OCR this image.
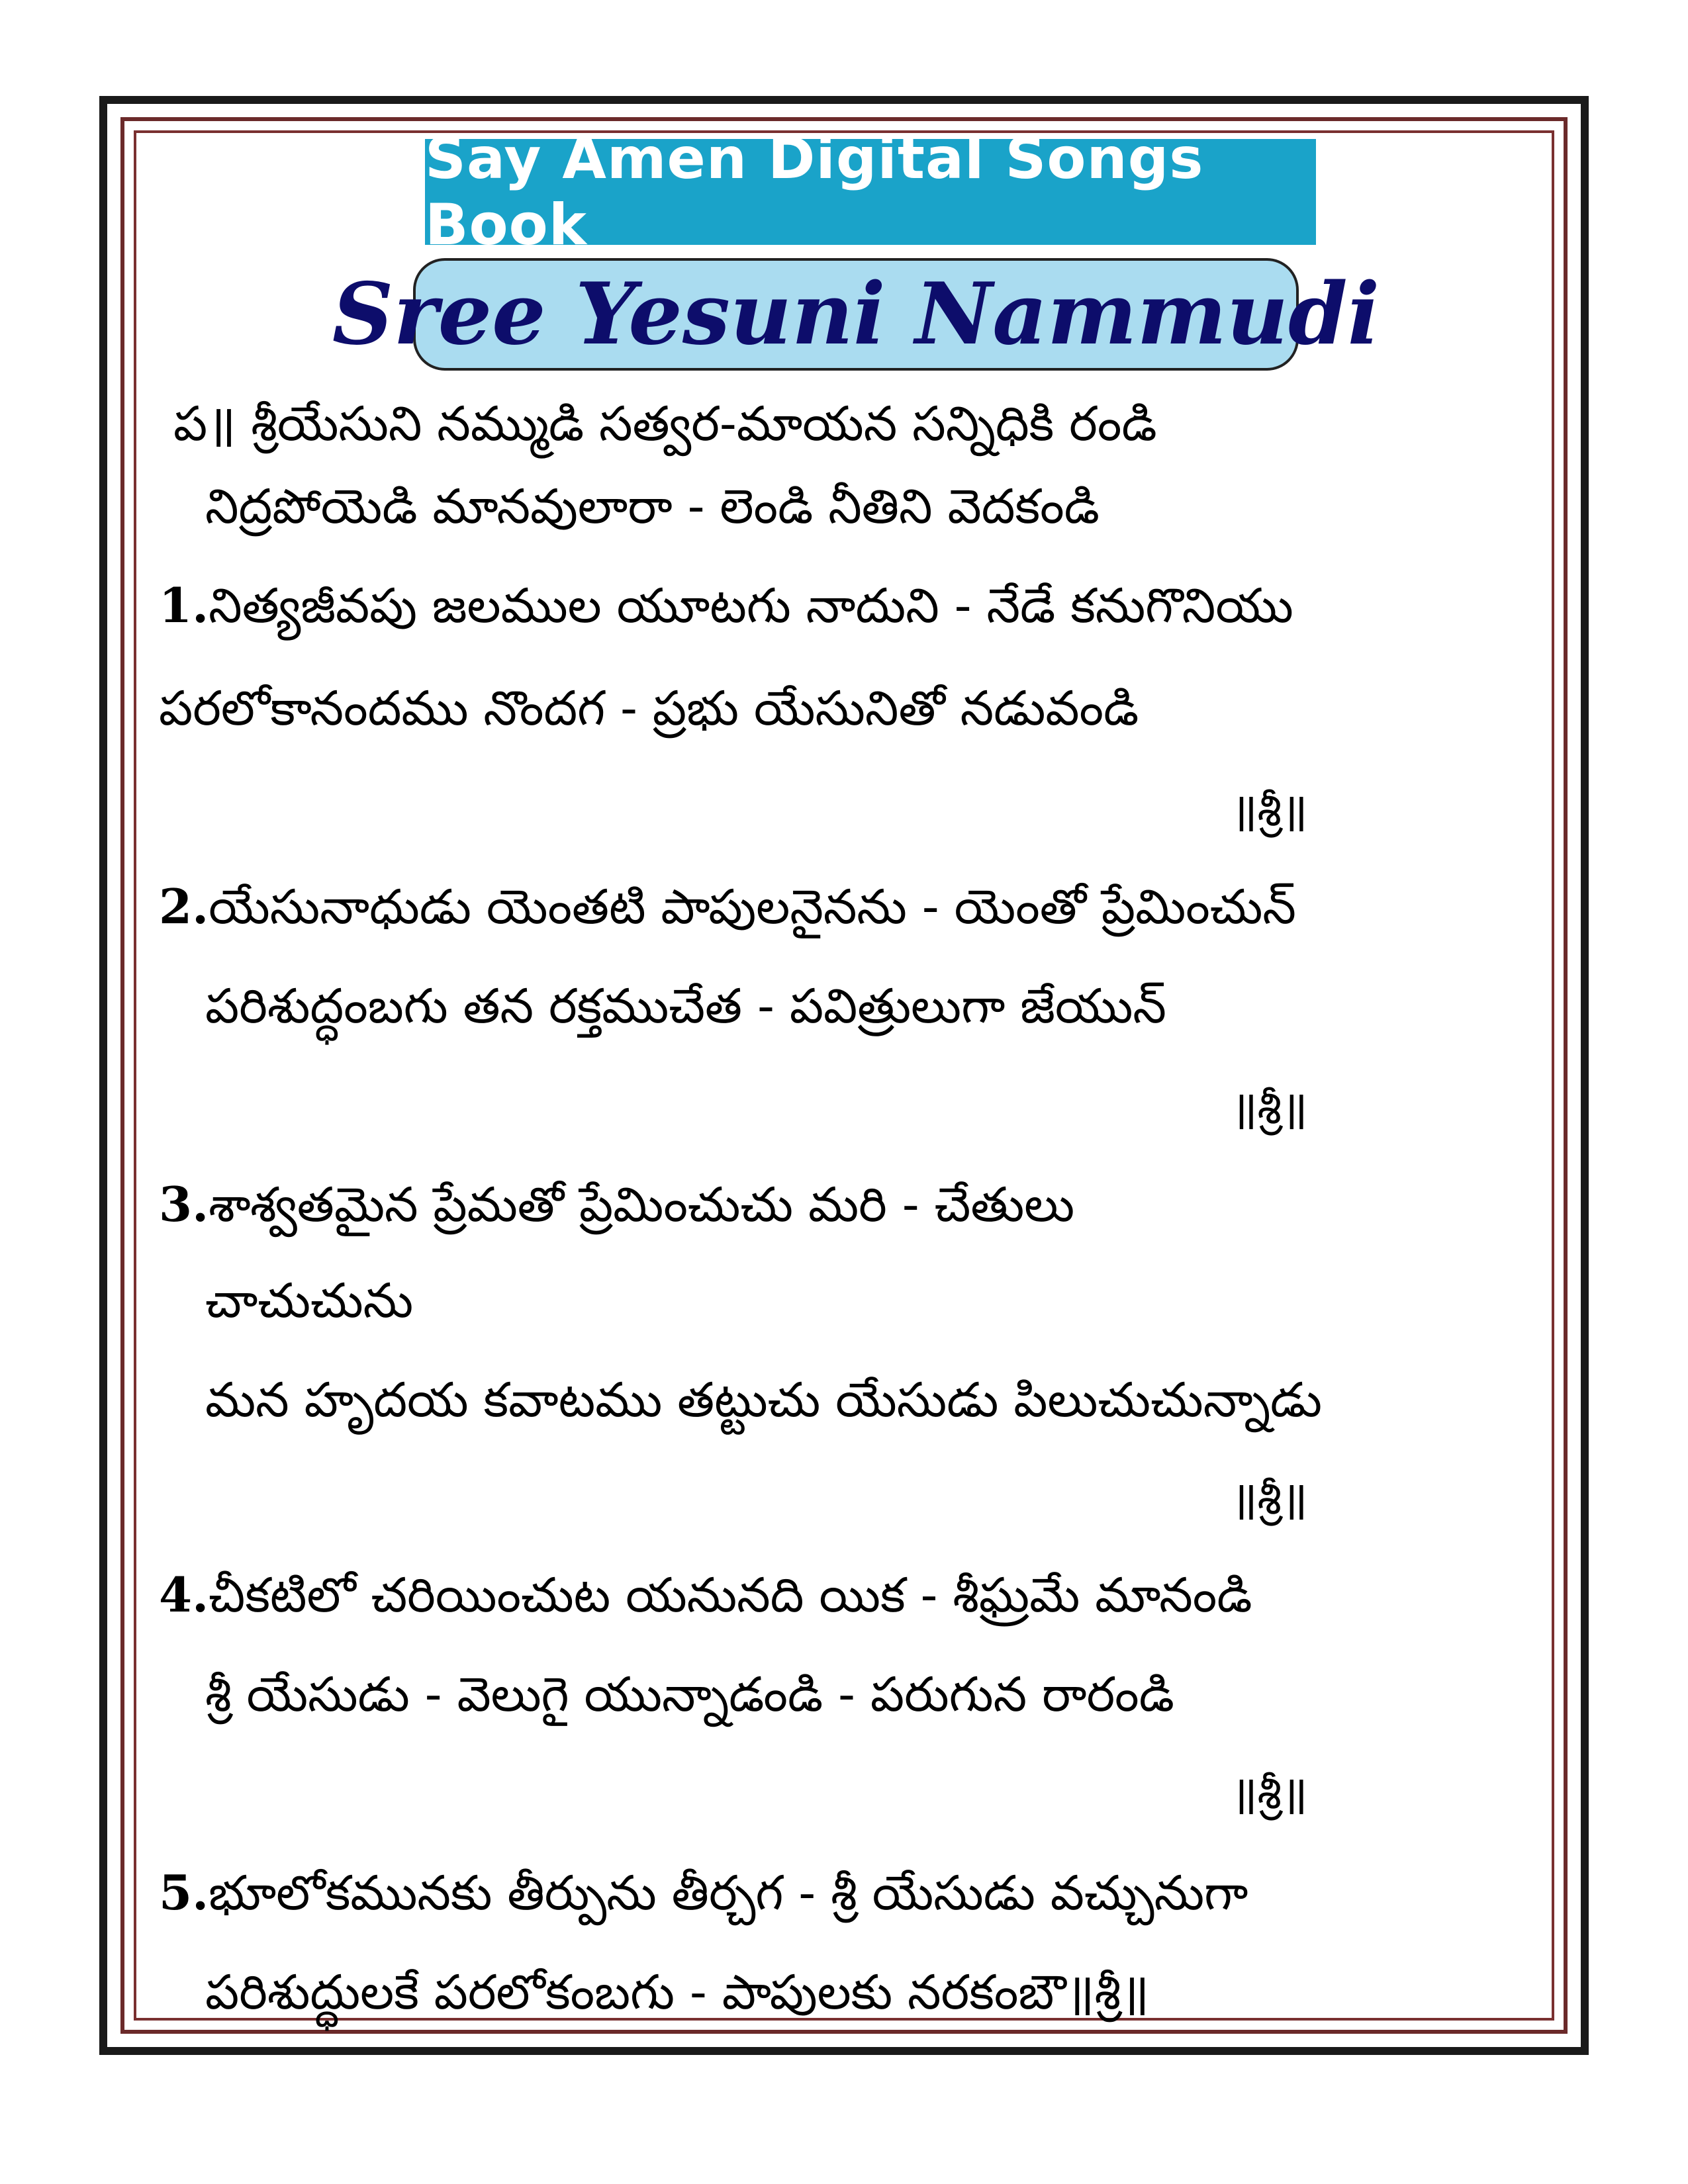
Say Amen Digital Songs Book
Sree Yesuni Nammudi
ప॥ శ్రీయేసుని నమ్ముడి సత్వర-మాయన సన్నిధికి రండి
నిద్రపోయెడి మానవులారా - లెండి నీతిని వెదకండి
1.నిత్యజీవపు జలముల యూటగు నాదుని - నేడే కనుగొనియు
పరలోకానందము నొందగ - ప్రభు యేసునితో నడువండి
॥శ్రీ॥
2.యేసునాధుడు యెంతటి పాపులనైనను - యెంతో ప్రేమించున్
పరిశుద్ధంబగు తన రక్తముచేత - పవిత్రులుగా జేయున్
॥శ్రీ॥
3.శాశ్వతమైన ప్రేమతో ప్రేమించుచు మరి - చేతులు
చాచుచును
మన హృదయ కవాటము తట్టుచు యేసుడు పిలుచుచున్నాడు
॥శ్రీ॥
4.చీకటిలో చరియించుట యనునది యిక - శీఘ్రమే మానండి
శ్రీ యేసుడు - వెలుగై యున్నాడండి - పరుగున రారండి
॥శ్రీ॥
5.భూలోకమునకు తీర్పును తీర్చగ - శ్రీ యేసుడు వచ్చునుగా
పరిశుద్ధులకే పరలోకంబగు - పాపులకు నరకంబౌ॥శ్రీ॥
